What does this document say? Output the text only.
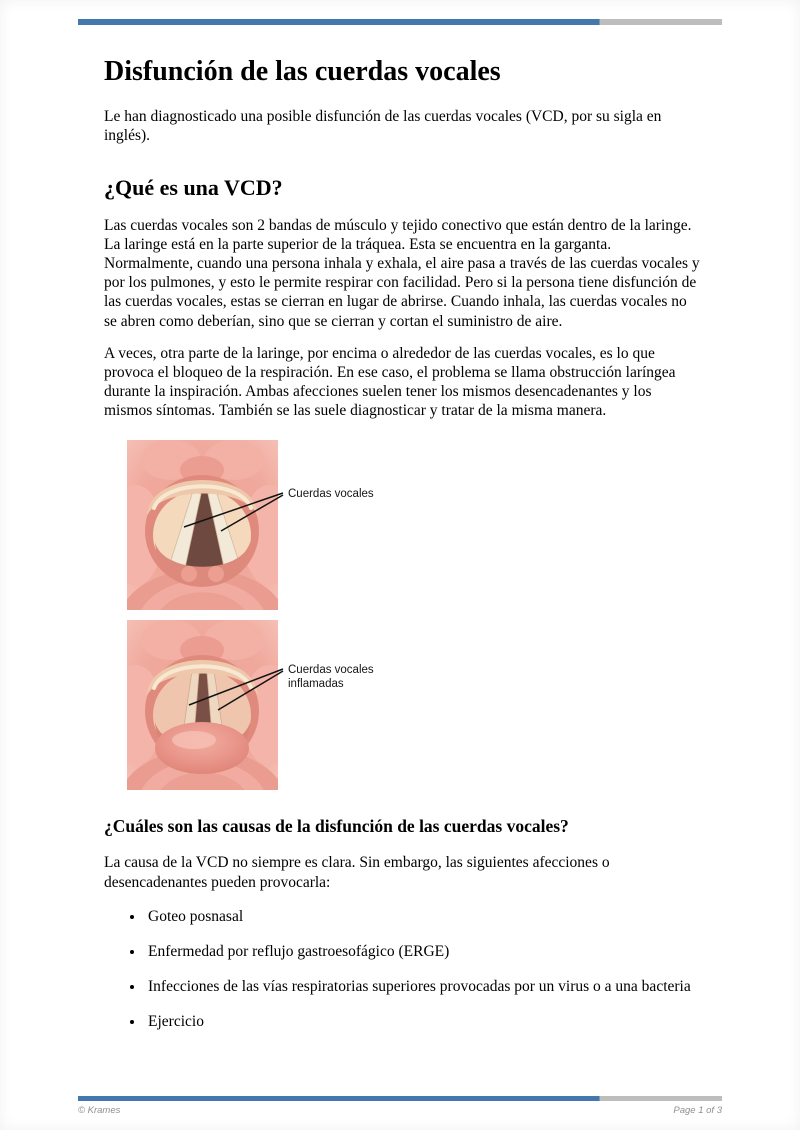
Disfunción de las cuerdas vocales

Le han diagnosticado una posible disfunción de las cuerdas vocales (VCD, por su sigla en inglés).

¿Qué es una VCD?

Las cuerdas vocales son 2 bandas de músculo y tejido conectivo que están dentro de la laringe. La laringe está en la parte superior de la tráquea. Esta se encuentra en la garganta. Normalmente, cuando una persona inhala y exhala, el aire pasa a través de las cuerdas vocales y por los pulmones, y esto le permite respirar con facilidad. Pero si la persona tiene disfunción de las cuerdas vocales, estas se cierran en lugar de abrirse. Cuando inhala, las cuerdas vocales no se abren como deberían, sino que se cierran y cortan el suministro de aire.

A veces, otra parte de la laringe, por encima o alrededor de las cuerdas vocales, es lo que provoca el bloqueo de la respiración. En ese caso, el problema se llama obstrucción laríngea durante la inspiración. Ambas afecciones suelen tener los mismos desencadenantes y los mismos síntomas. También se las suele diagnosticar y tratar de la misma manera.

Cuerdas vocales
Cuerdas vocales
inflamadas
¿Cuáles son las causas de la disfunción de las cuerdas vocales?

La causa de la VCD no siempre es clara. Sin embargo, las siguientes afecciones o desencadenantes pueden provocarla:

• Goteo posnasal
• Enfermedad por reflujo gastroesofágico (ERGE)
• Infecciones de las vías respiratorias superiores provocadas por un virus o a una bacteria
• Ejercicio
© Krames	Page 1 of 3
